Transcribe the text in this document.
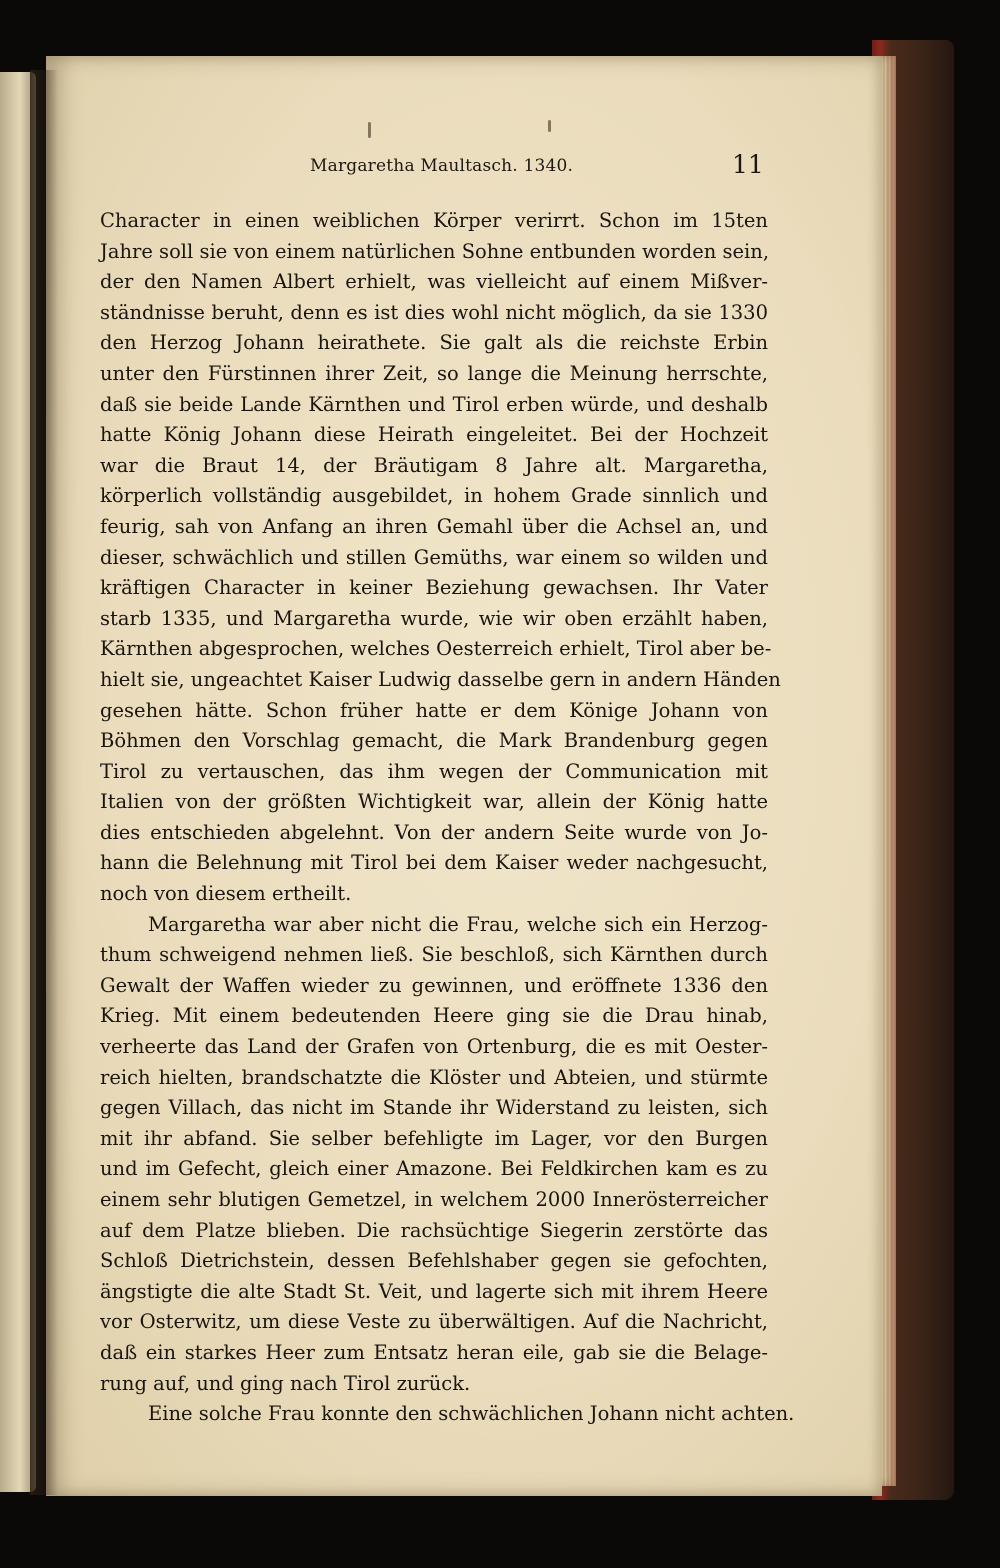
Margaretha Maultasch. 1340.	11
Character in einen weiblichen Körper verirrt. Schon im 15ten
Jahre soll sie von einem natürlichen Sohne entbunden worden sein,
der den Namen Albert erhielt, was vielleicht auf einem Mißver-
ständnisse beruht, denn es ist dies wohl nicht möglich, da sie 1330
den Herzog Johann heirathete. Sie galt als die reichste Erbin
unter den Fürstinnen ihrer Zeit, so lange die Meinung herrschte,
daß sie beide Lande Kärnthen und Tirol erben würde, und deshalb
hatte König Johann diese Heirath eingeleitet. Bei der Hochzeit
war die Braut 14, der Bräutigam 8 Jahre alt. Margaretha,
körperlich vollständig ausgebildet, in hohem Grade sinnlich und
feurig, sah von Anfang an ihren Gemahl über die Achsel an, und
dieser, schwächlich und stillen Gemüths, war einem so wilden und
kräftigen Character in keiner Beziehung gewachsen. Ihr Vater
starb 1335, und Margaretha wurde, wie wir oben erzählt haben,
Kärnthen abgesprochen, welches Oesterreich erhielt, Tirol aber be-
hielt sie, ungeachtet Kaiser Ludwig dasselbe gern in andern Händen
gesehen hätte. Schon früher hatte er dem Könige Johann von
Böhmen den Vorschlag gemacht, die Mark Brandenburg gegen
Tirol zu vertauschen, das ihm wegen der Communication mit
Italien von der größten Wichtigkeit war, allein der König hatte
dies entschieden abgelehnt. Von der andern Seite wurde von Jo-
hann die Belehnung mit Tirol bei dem Kaiser weder nachgesucht,
noch von diesem ertheilt.
Margaretha war aber nicht die Frau, welche sich ein Herzog-
thum schweigend nehmen ließ. Sie beschloß, sich Kärnthen durch
Gewalt der Waffen wieder zu gewinnen, und eröffnete 1336 den
Krieg. Mit einem bedeutenden Heere ging sie die Drau hinab,
verheerte das Land der Grafen von Ortenburg, die es mit Oester-
reich hielten, brandschatzte die Klöster und Abteien, und stürmte
gegen Villach, das nicht im Stande ihr Widerstand zu leisten, sich
mit ihr abfand. Sie selber befehligte im Lager, vor den Burgen
und im Gefecht, gleich einer Amazone. Bei Feldkirchen kam es zu
einem sehr blutigen Gemetzel, in welchem 2000 Innerösterreicher
auf dem Platze blieben. Die rachsüchtige Siegerin zerstörte das
Schloß Dietrichstein, dessen Befehlshaber gegen sie gefochten,
ängstigte die alte Stadt St. Veit, und lagerte sich mit ihrem Heere
vor Osterwitz, um diese Veste zu überwältigen. Auf die Nachricht,
daß ein starkes Heer zum Entsatz heran eile, gab sie die Belage-
rung auf, und ging nach Tirol zurück.
Eine solche Frau konnte den schwächlichen Johann nicht achten.
